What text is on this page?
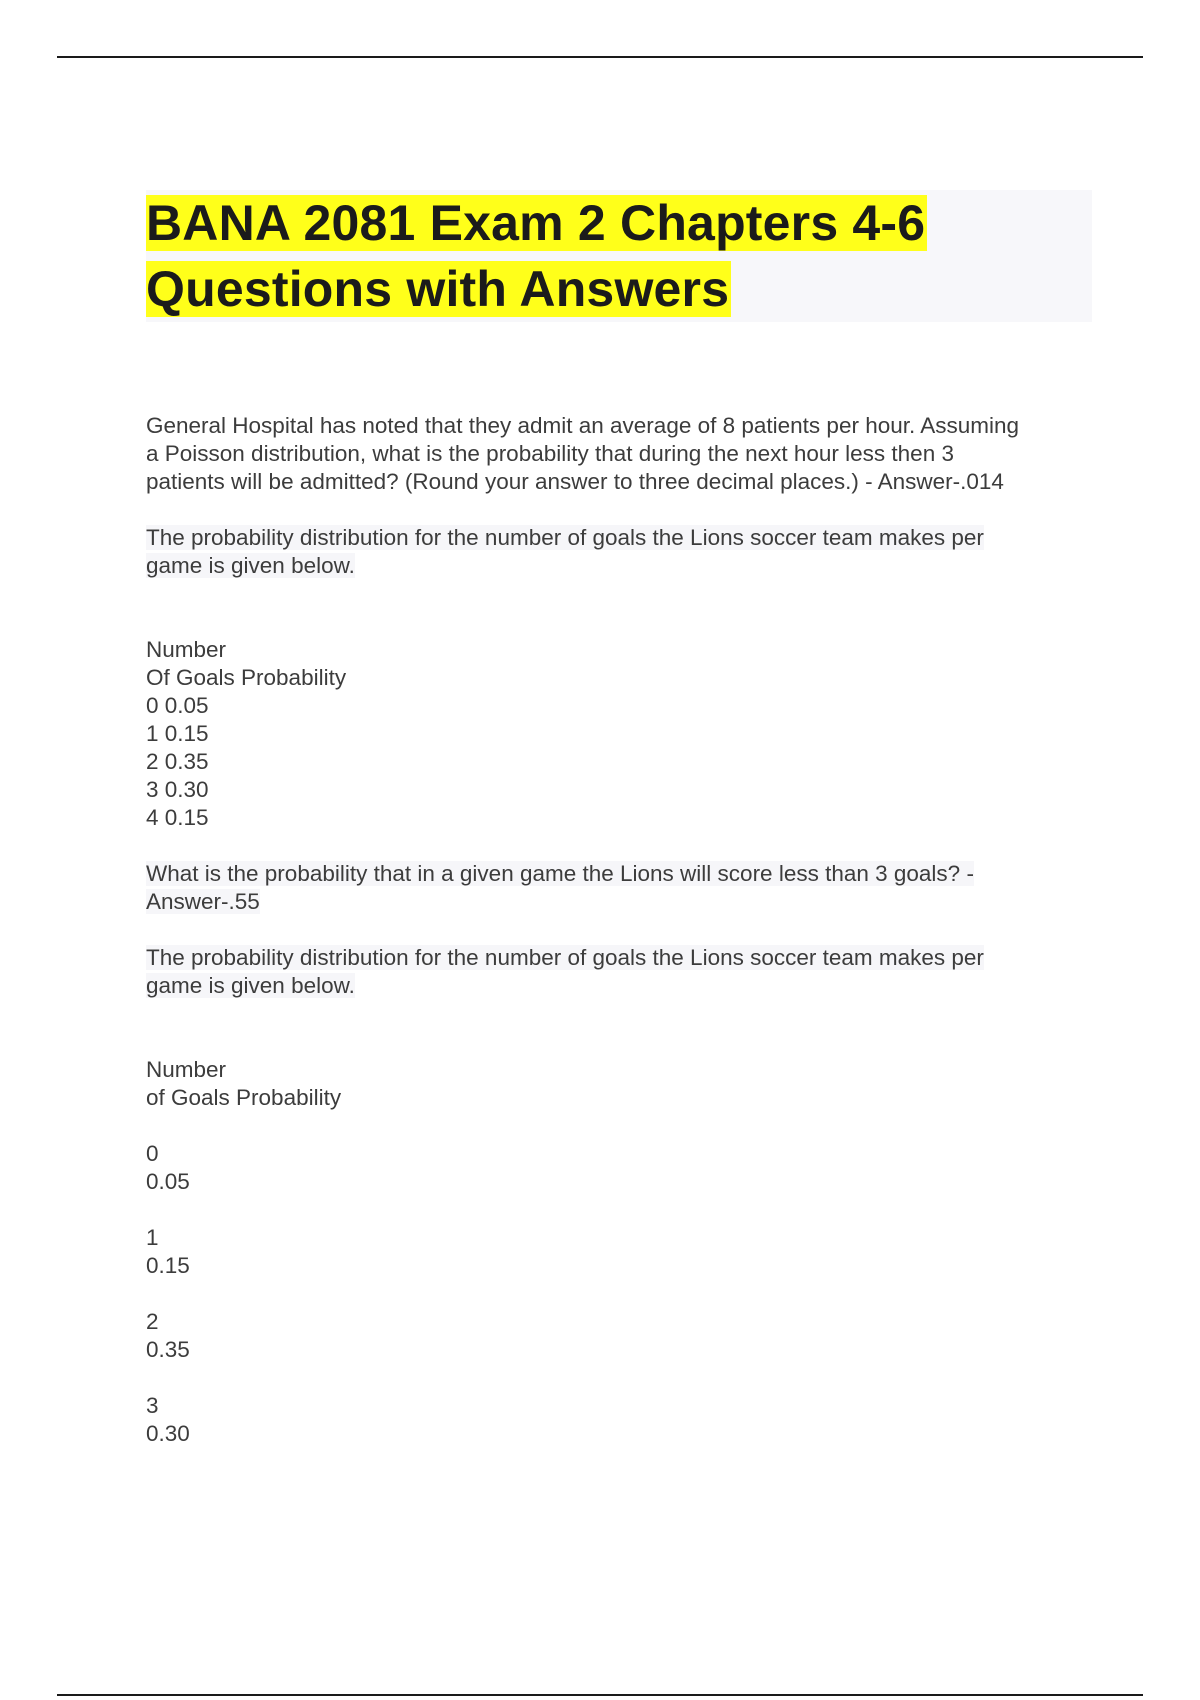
BANA 2081 Exam 2 Chapters 4-6
Questions with Answers

General Hospital has noted that they admit an average of 8 patients per hour. Assuming
a Poisson distribution, what is the probability that during the next hour less then 3
patients will be admitted? (Round your answer to three decimal places.) - Answer-.014

The probability distribution for the number of goals the Lions soccer team makes per
game is given below.

Number
Of Goals Probability
0 0.05
1 0.15
2 0.35
3 0.30
4 0.15

What is the probability that in a given game the Lions will score less than 3 goals? -
Answer-.55

The probability distribution for the number of goals the Lions soccer team makes per
game is given below.

Number
of Goals Probability

0
0.05

1
0.15

2
0.35

3
0.30
